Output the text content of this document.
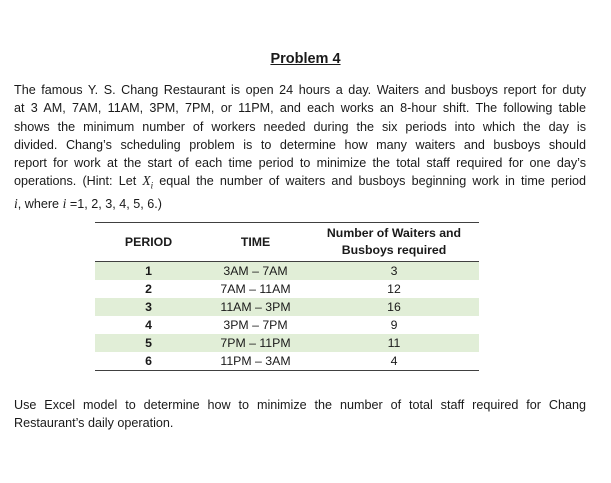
Problem 4
The famous Y. S. Chang Restaurant is open 24 hours a day. Waiters and busboys report for duty
at 3 AM, 7AM, 11AM, 3PM, 7PM, or 11PM, and each works an 8-hour shift. The following table
shows the minimum number of workers needed during the six periods into which the day is
divided. Chang’s scheduling problem is to determine how many waiters and busboys should
report for work at the start of each time period to minimize the total staff required for one day’s
operations. (Hint: Let $X_i$ equal the number of waiters and busboys beginning work in time period
i, where i =1, 2, 3, 4, 5, 6.)
PERIOD	TIME
Number of Waiters and
Busboys required
1	3AM – 7AM	3
2	7AM – 11AM	12
3	11AM – 3PM	16
4	3PM – 7PM	9
5	7PM – 11PM	11
6	11PM – 3AM	4
Use Excel model to determine how to minimize the number of total staff required for Chang
Restaurant’s daily operation.
